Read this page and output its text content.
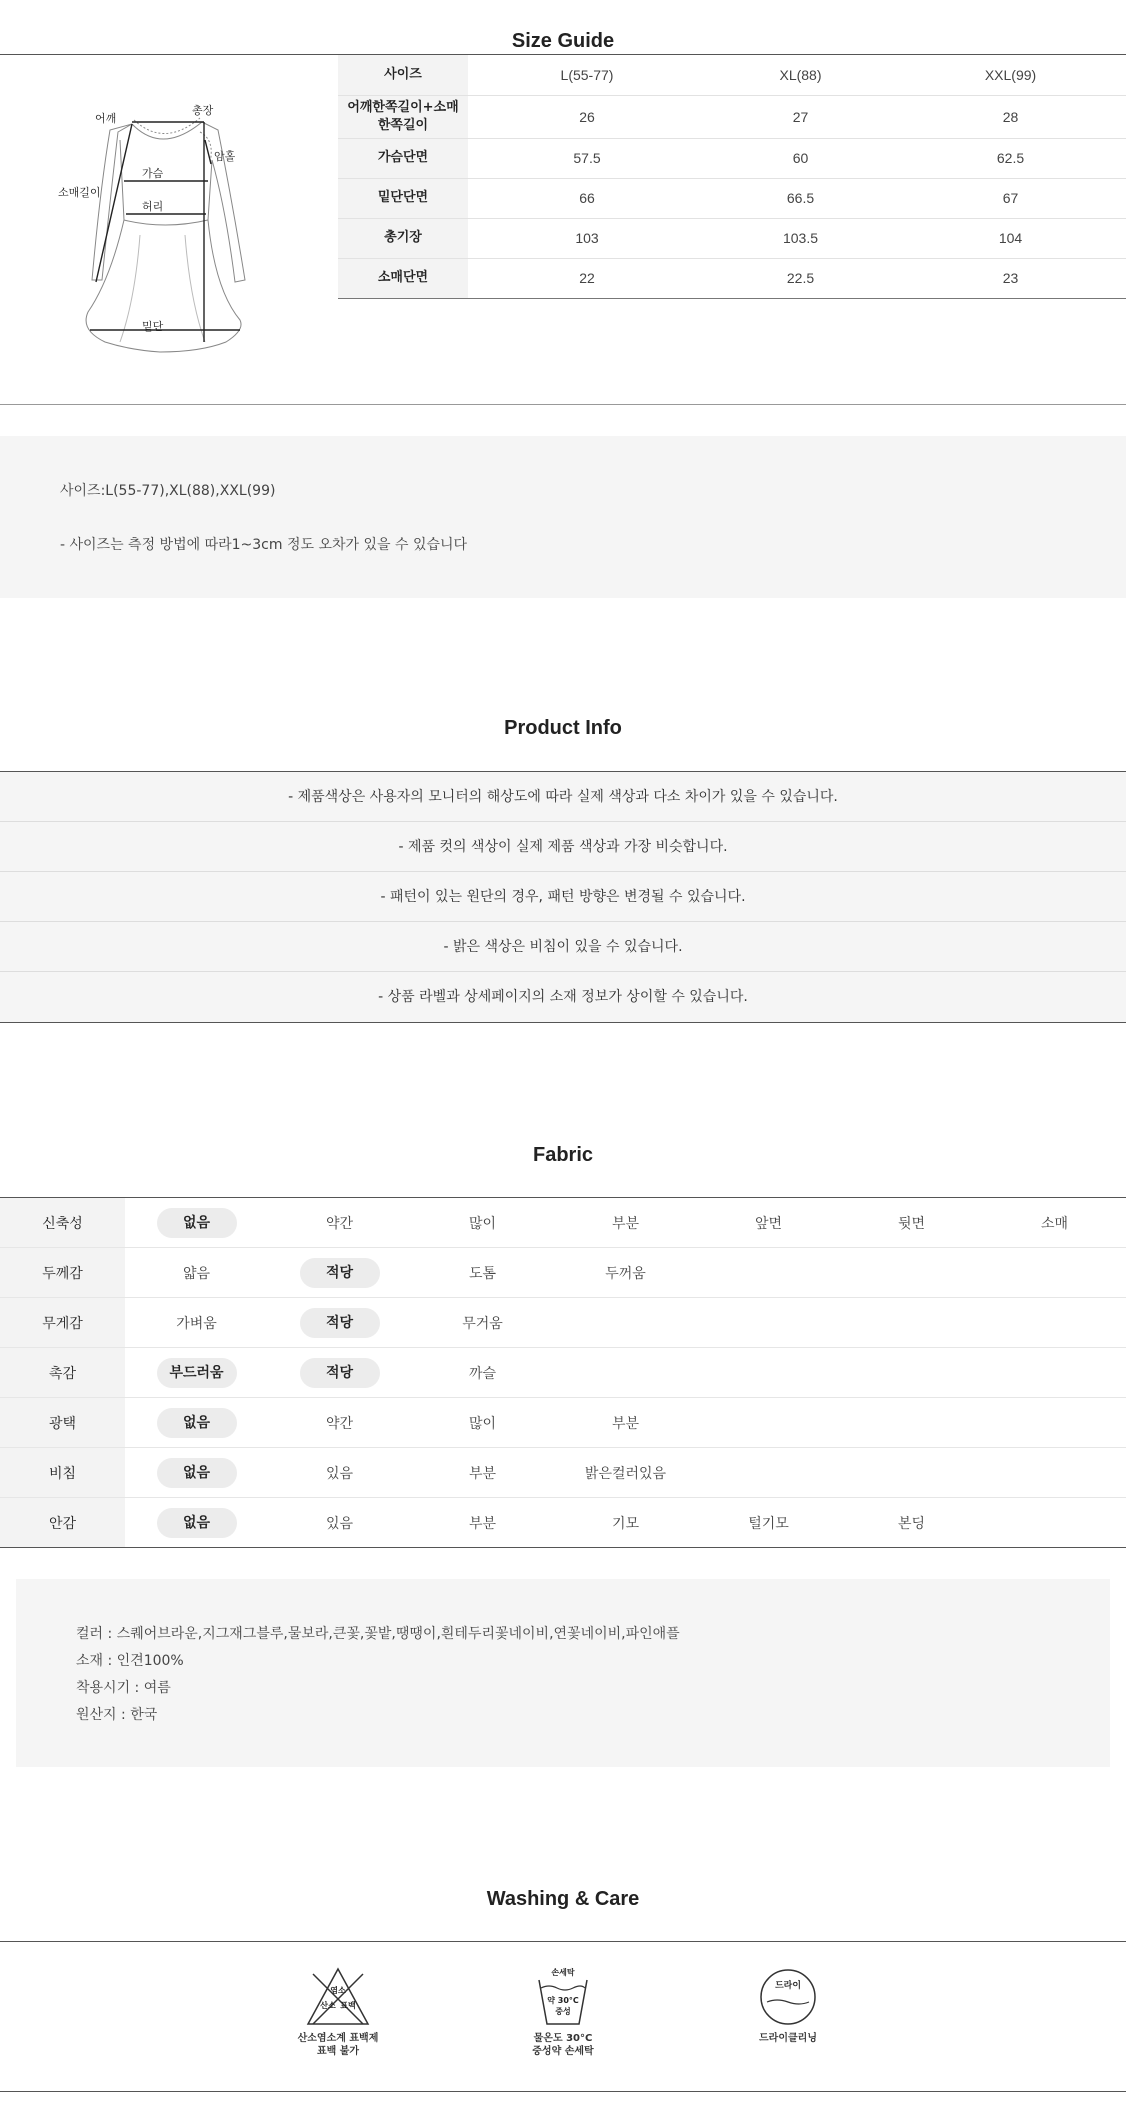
Size Guide
어깨
총장
암홀
가슴
소매길이
허리
밑단
사이즈	L(55-77)	XL(88)	XXL(99)
어깨한쪽길이+소매
한쪽길이	26	27	28
가슴단면	57.5	60	62.5
밑단단면	66	66.5	67
총기장	103	103.5	104
소매단면	22	22.5	23
사이즈:L(55-77),XL(88),XXL(99)
- 사이즈는 측정 방법에 따라1~3cm 정도 오차가 있을 수 있습니다
Product Info
- 제품색상은 사용자의 모니터의 해상도에 따라 실제 색상과 다소 차이가 있을 수 있습니다.
- 제품 컷의 색상이 실제 제품 색상과 가장 비슷합니다.
- 패턴이 있는 원단의 경우, 패턴 방향은 변경될 수 있습니다.
- 밝은 색상은 비침이 있을 수 있습니다.
- 상품 라벨과 상세페이지의 소재 정보가 상이할 수 있습니다.
Fabric
신축성	없음	약간	많이	부분	앞면	뒷면	소매
두께감	얇음	적당	도톰	두꺼움			
무게감	가벼움	적당	무거움				
촉감	부드러움	적당	까슬				
광택	없음	약간	많이	부분			
비침	없음	있음	부분	밝은컬러있음			
안감	없음	있음	부분	기모	털기모	본딩	
컬러 : 스퀘어브라운,지그재그블루,물보라,큰꽃,꽃밭,땡땡이,흰테두리꽃네이비,연꽃네이비,파인애플
소재 : 인견100%
착용시기 : 여름
원산지 : 한국
Washing & Care
염소
산소 표백
산소염소계 표백제
표백 불가
손세탁
약 30°C
중성
물온도 30°C
중성약 손세탁
드라이
드라이클리닝
